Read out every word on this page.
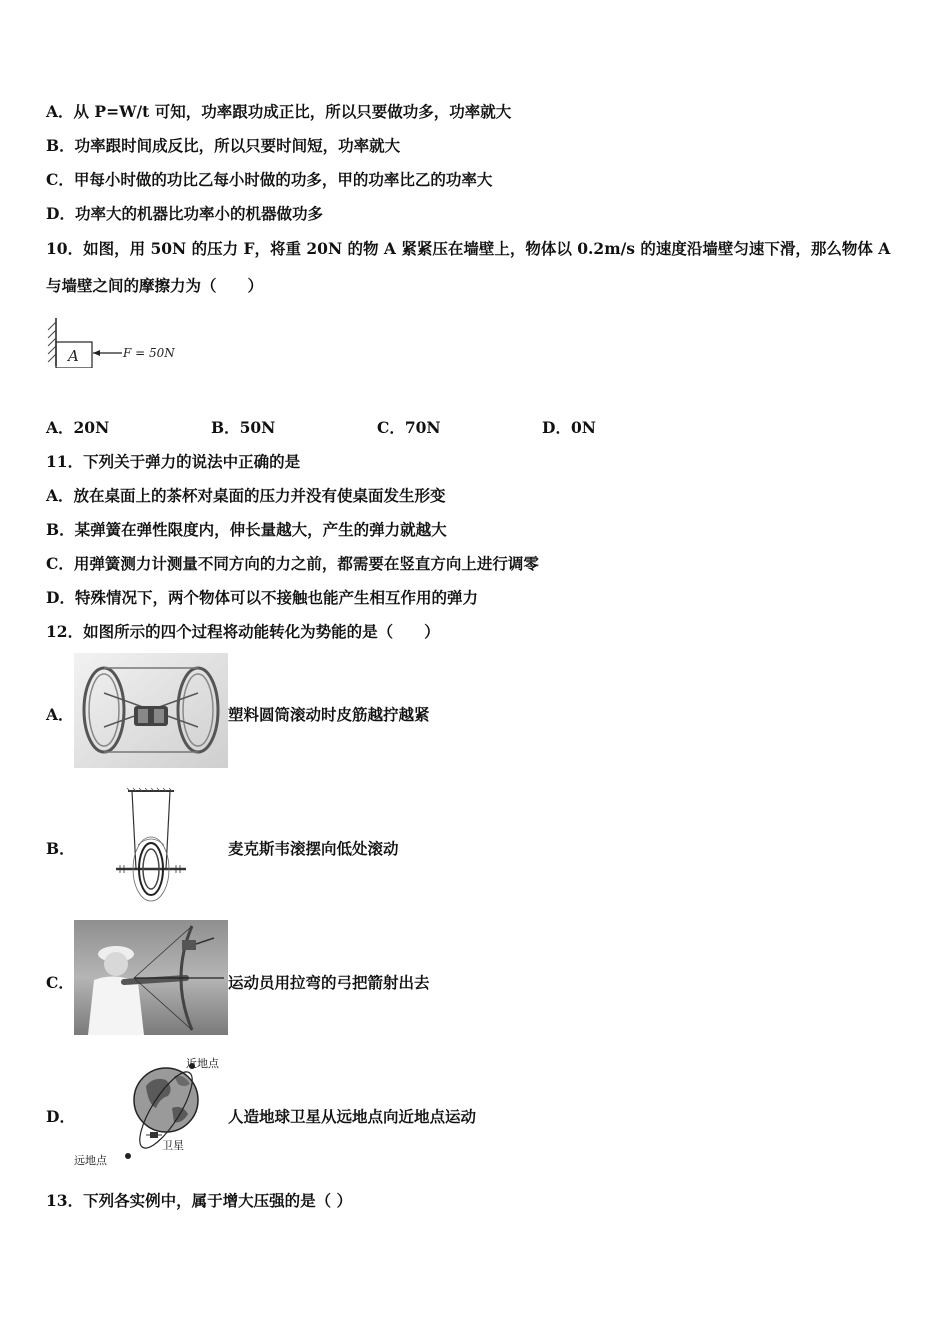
A．从 P=W/t 可知，功率跟功成正比，所以只要做功多，功率就大
B．功率跟时间成反比，所以只要时间短，功率就大
C．甲每小时做的功比乙每小时做的功多，甲的功率比乙的功率大
D．功率大的机器比功率小的机器做功多
10．如图，用 50N 的压力 F，将重 20N 的物 A 紧紧压在墙壁上，物体以 0.2m/s 的速度沿墙壁匀速下滑，那么物体 A
与墙壁之间的摩擦力为（　　）
A	F = 50N
A．20N	B．50N	C．70N	D．0N
11．下列关于弹力的说法中正确的是
A．放在桌面上的茶杯对桌面的压力并没有使桌面发生形变
B．某弹簧在弹性限度内，伸长量越大，产生的弹力就越大
C．用弹簧测力计测量不同方向的力之前，都需要在竖直方向上进行调零
D．特殊情况下，两个物体可以不接触也能产生相互作用的弹力
12．如图所示的四个过程将动能转化为势能的是（　　）
A．	塑料圆筒滚动时皮筋越拧越紧
B．	麦克斯韦滚摆向低处滚动
C．	运动员用拉弯的弓把箭射出去
D．
近地点
卫星
远地点
人造地球卫星从远地点向近地点运动
13．下列各实例中，属于增大压强的是（ ）
